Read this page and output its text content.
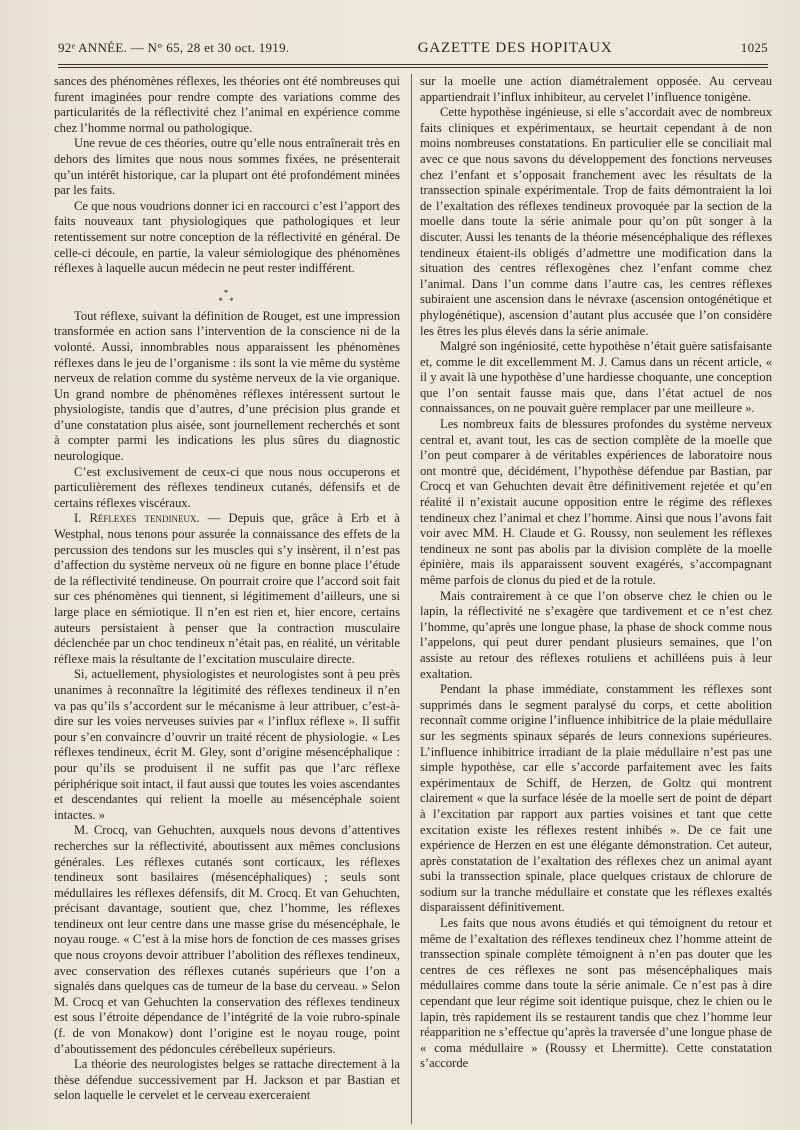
92ᵉ ANNÉE. — N° 65, 28 et 30 oct. 1919.	GAZETTE DES HOPITAUX	1025

sances des phénomènes réflexes, les théories ont été nombreuses qui furent imaginées pour rendre compte des variations comme des particularités de la réflectivité chez l’animal en expérience comme chez l’homme normal ou pathologique.

Une revue de ces théories, outre qu’elle nous entraînerait très en dehors des limites que nous nous sommes fixées, ne présenterait qu’un intérêt historique, car la plupart ont été profondément minées par les faits.

Ce que nous voudrions donner ici en raccourci c’est l’apport des faits nouveaux tant physiologiques que pathologiques et leur retentissement sur notre conception de la réflectivité en général. De celle-ci découle, en partie, la valeur sémiologique des phénomènes réflexes à laquelle aucun médecin ne peut rester indifférent.

*
* *

Tout réflexe, suivant la définition de Rouget, est une impression transformée en action sans l’intervention de la conscience ni de la volonté. Aussi, innombrables nous apparaissent les phénomènes réflexes dans le jeu de l’organisme : ils sont la vie même du système nerveux de relation comme du système nerveux de la vie organique. Un grand nombre de phénomènes réflexes intéressent surtout le physiologiste, tandis que d’autres, d’une précision plus grande et d’une constatation plus aisée, sont journellement recherchés et sont à compter parmi les indications les plus sûres du diagnostic neurologique.

C’est exclusivement de ceux-ci que nous nous occuperons et particulièrement des réflexes tendineux cutanés, défensifs et de certains réflexes viscéraux.

I. Réflexes tendineux. — Depuis que, grâce à Erb et à Westphal, nous tenons pour assurée la connaissance des effets de la percussion des tendons sur les muscles qui s’y insèrent, il n’est pas d’affection du système nerveux où ne figure en bonne place l’étude de la réflectivité tendineuse. On pourrait croire que l’accord soit fait sur ces phénomènes qui tiennent, si légitimement d’ailleurs, une si large place en sémiotique. Il n’en est rien et, hier encore, certains auteurs persistaient à penser que la contraction musculaire déclenchée par un choc tendineux n’était pas, en réalité, un véritable réflexe mais la résultante de l’excitation musculaire directe.

Si, actuellement, physiologistes et neurologistes sont à peu près unanimes à reconnaître la légitimité des réflexes tendineux il n’en va pas qu’ils s’accordent sur le mécanisme à leur attribuer, c’est-à-dire sur les voies nerveuses suivies par « l’influx réflexe ». Il suffit pour s’en convaincre d’ouvrir un traité récent de physiologie. « Les réflexes tendineux, écrit M. Gley, sont d’origine mésencéphalique : pour qu’ils se produisent il ne suffit pas que l’arc réflexe périphérique soit intact, il faut aussi que toutes les voies ascendantes et descendantes qui relient la moelle au mésencéphale soient intactes. »

M. Crocq, van Gehuchten, auxquels nous devons d’attentives recherches sur la réflectivité, aboutissent aux mêmes conclusions générales. Les réflexes cutanés sont corticaux, les réflexes tendineux sont basilaires (mésencéphaliques) ; seuls sont médullaires les réflexes défensifs, dit M. Crocq. Et van Gehuchten, précisant davantage, soutient que, chez l’homme, les réflexes tendineux ont leur centre dans une masse grise du mésencéphale, le noyau rouge. « C’est à la mise hors de fonction de ces masses grises que nous croyons devoir attribuer l’abolition des réflexes tendineux, avec conservation des réflexes cutanés supérieurs que l’on a signalés dans quelques cas de tumeur de la base du cerveau. » Selon M. Crocq et van Gehuchten la conservation des réflexes tendineux est sous l’étroite dépendance de l’intégrité de la voie rubro-spinale (f. de von Monakow) dont l’origine est le noyau rouge, point d’aboutissement des pédoncules cérébelleux supérieurs.

La théorie des neurologistes belges se rattache directement à la thèse défendue successivement par H. Jackson et par Bastian et selon laquelle le cervelet et le cerveau exerceraient

sur la moelle une action diamétralement opposée. Au cerveau appartiendrait l’influx inhibiteur, au cervelet l’influence tonigène.

Cette hypothèse ingénieuse, si elle s’accordait avec de nombreux faits cliniques et expérimentaux, se heurtait cependant à de non moins nombreuses constatations. En particulier elle se conciliait mal avec ce que nous savons du développement des fonctions nerveuses chez l’enfant et s’opposait franchement avec les résultats de la transsection spinale expérimentale. Trop de faits démontraient la loi de l’exaltation des réflexes tendineux provoquée par la section de la moelle dans toute la série animale pour qu’on pût songer à la discuter. Aussi les tenants de la théorie mésencéphalique des réflexes tendineux étaient-ils obligés d’admettre une modification dans la situation des centres réflexogènes chez l’enfant comme chez l’animal. Dans l’un comme dans l’autre cas, les centres réflexes subiraient une ascension dans le névraxe (ascension ontogénétique et phylogénétique), ascension d’autant plus accusée que l’on considère les êtres les plus élevés dans la série animale.

Malgré son ingéniosité, cette hypothèse n’était guère satisfaisante et, comme le dit excellemment M. J. Camus dans un récent article, « il y avait là une hypothèse d’une hardiesse choquante, une conception que l’on sentait fausse mais que, dans l’état actuel de nos connaissances, on ne pouvait guère remplacer par une meilleure ».

Les nombreux faits de blessures profondes du système nerveux central et, avant tout, les cas de section complète de la moelle que l’on peut comparer à de véritables expériences de laboratoire nous ont montré que, décidément, l’hypothèse défendue par Bastian, par Crocq et van Gehuchten devait être définitivement rejetée et qu’en réalité il n’existait aucune opposition entre le régime des réflexes tendineux chez l’animal et chez l’homme. Ainsi que nous l’avons fait voir avec MM. H. Claude et G. Roussy, non seulement les réflexes tendineux ne sont pas abolis par la division complète de la moelle épinière, mais ils apparaissent souvent exagérés, s’accompagnant même parfois de clonus du pied et de la rotule.

Mais contrairement à ce que l’on observe chez le chien ou le lapin, la réflectivité ne s’exagère que tardivement et ce n’est chez l’homme, qu’après une longue phase, la phase de shock comme nous l’appelons, qui peut durer pendant plusieurs semaines, que l’on assiste au retour des réflexes rotuliens et achilléens puis à leur exaltation.

Pendant la phase immédiate, constamment les réflexes sont supprimés dans le segment paralysé du corps, et cette abolition reconnaît comme origine l’influence inhibitrice de la plaie médullaire sur les segments spinaux séparés de leurs connexions supérieures. L’influence inhibitrice irradiant de la plaie médullaire n’est pas une simple hypothèse, car elle s’accorde parfaitement avec les faits expérimentaux de Schiff, de Herzen, de Goltz qui montrent clairement « que la surface lésée de la moelle sert de point de départ à l’excitation par rapport aux parties voisines et tant que cette excitation existe les réflexes restent inhibés ». De ce fait une expérience de Herzen en est une élégante démonstration. Cet auteur, après constatation de l’exaltation des réflexes chez un animal ayant subi la transsection spinale, place quelques cristaux de chlorure de sodium sur la tranche médullaire et constate que les réflexes exaltés disparaissent définitivement.

Les faits que nous avons étudiés et qui témoignent du retour et même de l’exaltation des réflexes tendineux chez l’homme atteint de transsection spinale complète témoignent à n’en pas douter que les centres de ces réflexes ne sont pas mésencéphaliques mais médullaires comme dans toute la série animale. Ce n’est pas à dire cependant que leur régime soit identique puisque, chez le chien ou le lapin, très rapidement ils se restaurent tandis que chez l’homme leur réapparition ne s’effectue qu’après la traversée d’une longue phase de « coma médullaire » (Roussy et Lhermitte). Cette constatation s’accorde
